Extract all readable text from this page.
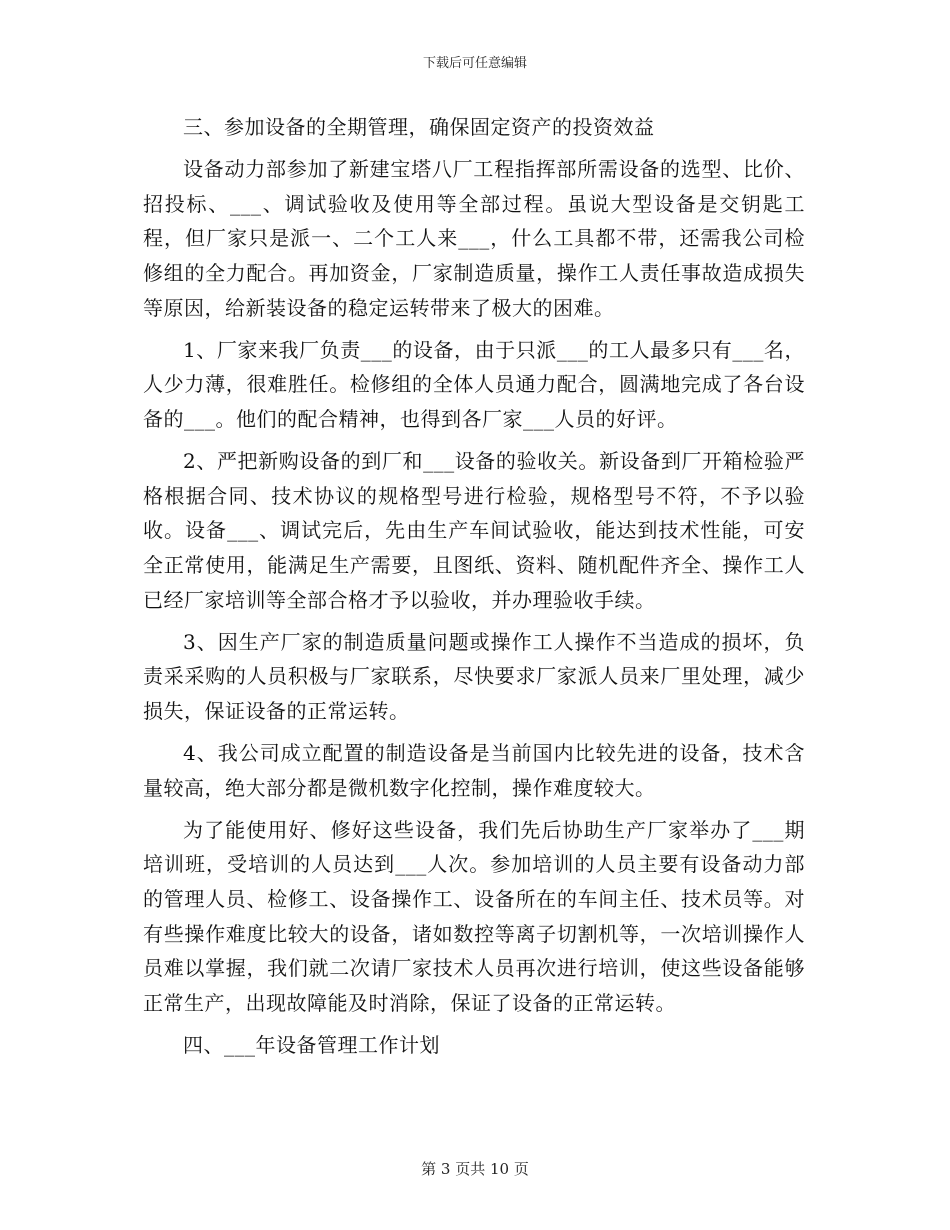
下载后可任意编辑

三、参加设备的全期管理，确保固定资产的投资效益

设备动力部参加了新建宝塔八厂工程指挥部所需设备的选型、比价、招投标、___、调试验收及使用等全部过程。虽说大型设备是交钥匙工程，但厂家只是派一、二个工人来___，什么工具都不带，还需我公司检修组的全力配合。再加资金，厂家制造质量，操作工人责任事故造成损失等原因，给新装设备的稳定运转带来了极大的困难。

1、厂家来我厂负责___的设备，由于只派___的工人最多只有___名，人少力薄，很难胜任。检修组的全体人员通力配合，圆满地完成了各台设备的___。他们的配合精神，也得到各厂家___人员的好评。

2、严把新购设备的到厂和___设备的验收关。新设备到厂开箱检验严格根据合同、技术协议的规格型号进行检验，规格型号不符，不予以验收。设备___、调试完后，先由生产车间试验收，能达到技术性能，可安全正常使用，能满足生产需要，且图纸、资料、随机配件齐全、操作工人已经厂家培训等全部合格才予以验收，并办理验收手续。

3、因生产厂家的制造质量问题或操作工人操作不当造成的损坏，负责采采购的人员积极与厂家联系，尽快要求厂家派人员来厂里处理，减少损失，保证设备的正常运转。

4、我公司成立配置的制造设备是当前国内比较先进的设备，技术含量较高，绝大部分都是微机数字化控制，操作难度较大。

为了能使用好、修好这些设备，我们先后协助生产厂家举办了___期培训班，受培训的人员达到___人次。参加培训的人员主要有设备动力部的管理人员、检修工、设备操作工、设备所在的车间主任、技术员等。对有些操作难度比较大的设备，诸如数控等离子切割机等，一次培训操作人员难以掌握，我们就二次请厂家技术人员再次进行培训，使这些设备能够正常生产，出现故障能及时消除，保证了设备的正常运转。

四、___年设备管理工作计划

第 3 页共 10 页
